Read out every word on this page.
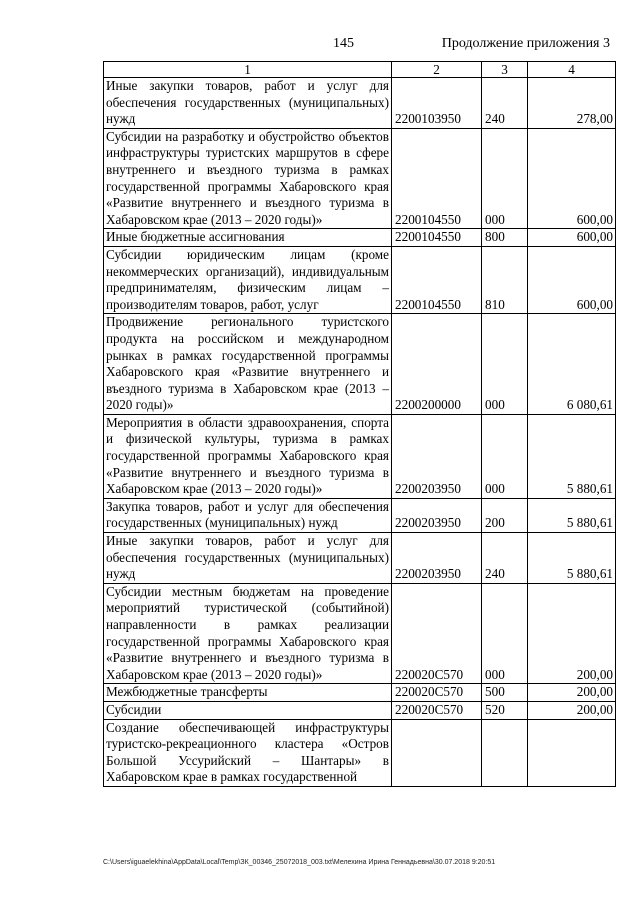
145	Продолжение приложения 3
1	2	3	4
Иные закупки товаров, работ и услуг для обеспечения государственных (муниципальных) нужд	2200103950	240	278,00
Субсидии на разработку и обустройство объектов инфраструктуры туристских маршрутов в сфере внутреннего и въездного туризма в рамках государственной программы Хабаровского края «Развитие внутреннего и въездного туризма в Хабаровском крае (2013 – 2020 годы)»	2200104550	000	600,00
Иные бюджетные ассигнования	2200104550	800	600,00
Субсидии юридическим лицам (кроме некоммерческих организаций), индивидуальным предпринимателям, физическим лицам – производителям товаров, работ, услуг	2200104550	810	600,00
Продвижение регионального туристского продукта на российском и международном рынках в рамках государственной программы Хабаровского края «Развитие внутреннего и въездного туризма в Хабаровском крае (2013 – 2020 годы)»	2200200000	000	6 080,61
Мероприятия в области здравоохранения, спорта и физической культуры, туризма в рамках государственной программы Хабаровского края «Развитие внутреннего и въездного туризма в Хабаровском крае (2013 – 2020 годы)»	2200203950	000	5 880,61
Закупка товаров, работ и услуг для обеспечения государственных (муниципальных) нужд	2200203950	200	5 880,61
Иные закупки товаров, работ и услуг для обеспечения государственных (муниципальных) нужд	2200203950	240	5 880,61
Субсидии местным бюджетам на проведение мероприятий туристической (событийной) направленности в рамках реализации государственной программы Хабаровского края «Развитие внутреннего и въездного туризма в Хабаровском крае (2013 – 2020 годы)»	220020С570	000	200,00
Межбюджетные трансферты	220020С570	500	200,00
Субсидии	220020С570	520	200,00
Создание обеспечивающей инфраструктуры туристско-рекреационного кластера «Остров Большой Уссурийский – Шантары» в Хабаровском крае в рамках государственной			
C:\Users\iguaelekhina\AppData\Local\Temp\ЗК_00346_25072018_003.txt\Мелехина Ирина Геннадьевна\30.07.2018 9:20:51
